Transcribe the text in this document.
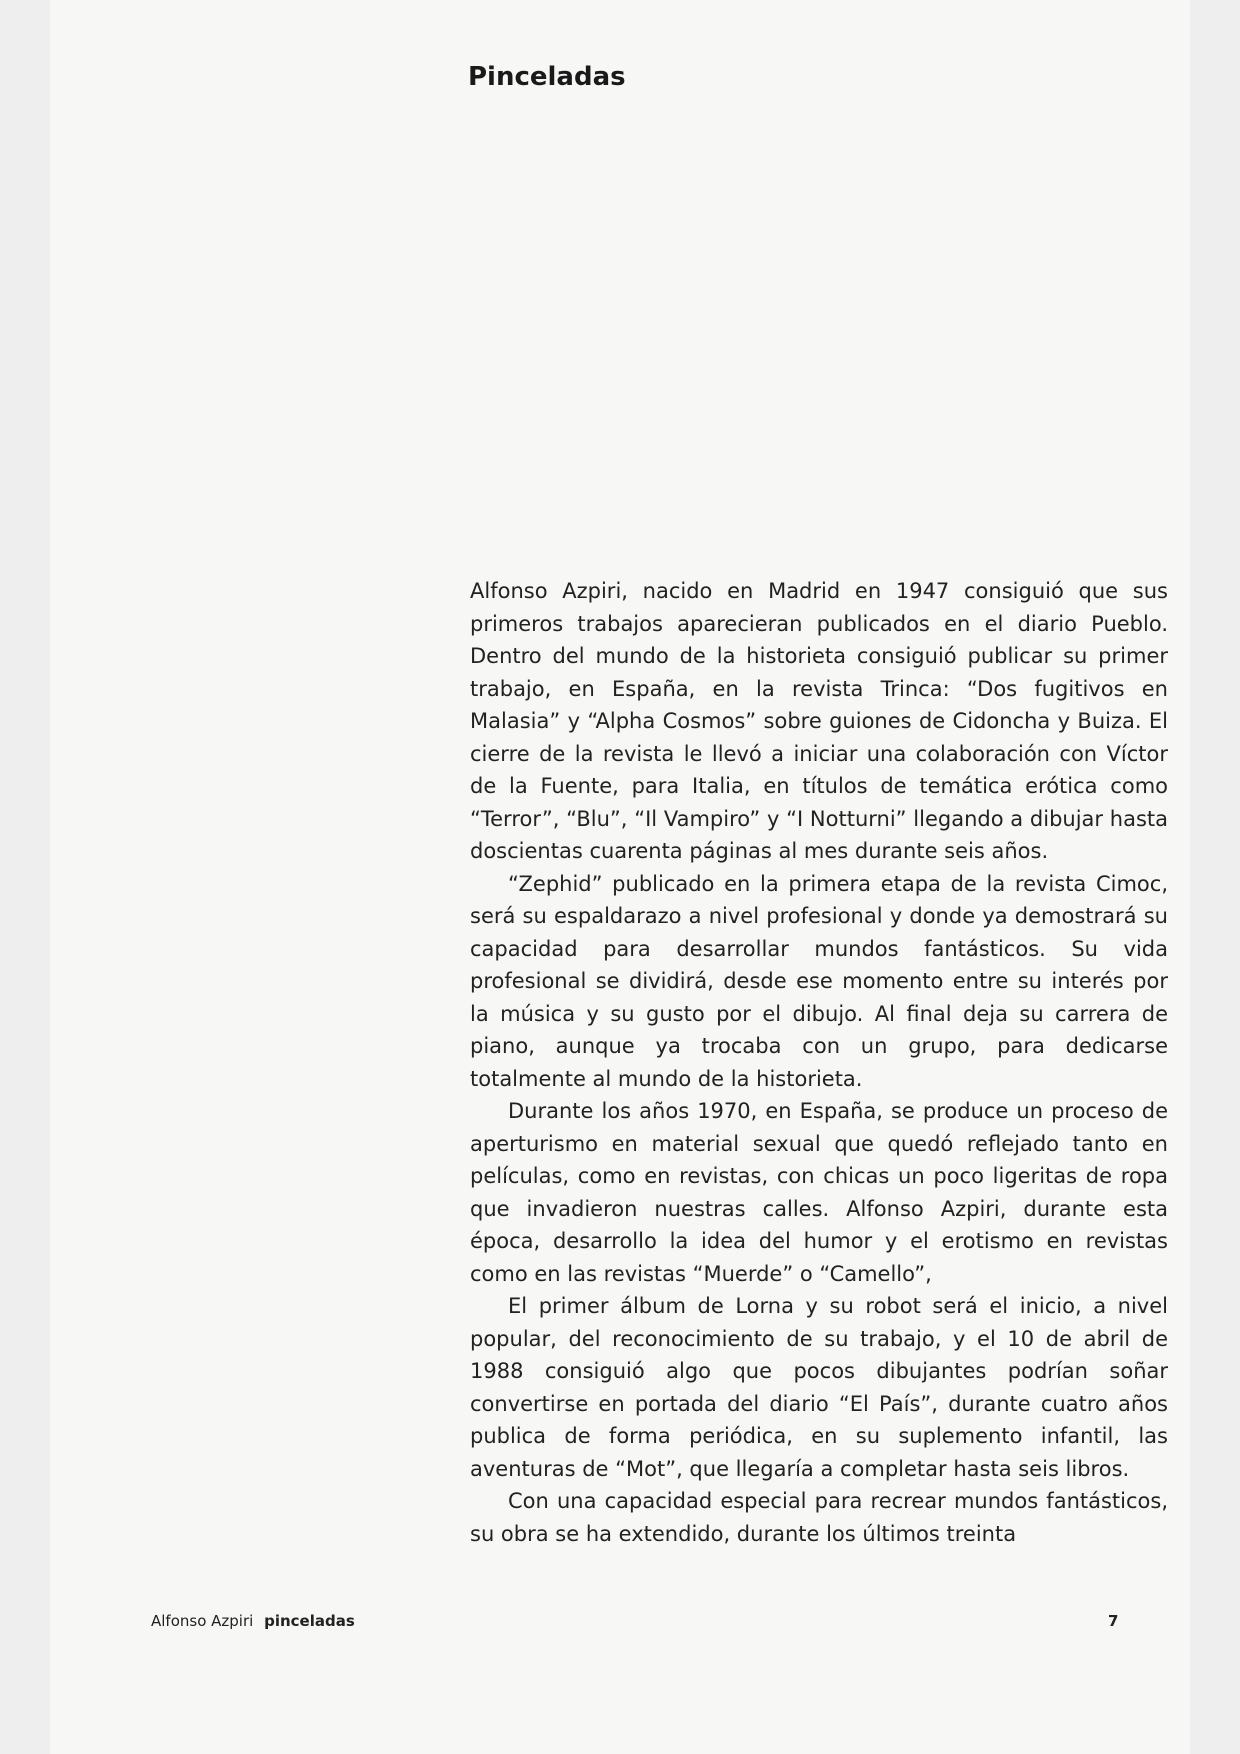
Pinceladas

Alfonso Azpiri, nacido en Madrid en 1947 consiguió que sus primeros trabajos aparecieran publicados en el diario Pueblo. Dentro del mundo de la historieta consiguió publicar su primer trabajo, en España, en la revista Trinca: “Dos fugitivos en Malasia” y “Alpha Cosmos” sobre guiones de Cidoncha y Buiza. El cierre de la revista le llevó a iniciar una colaboración con Víctor de la Fuente, para Italia, en títulos de temática erótica como “Terror”, “Blu”, “Il Vampiro” y “I Notturni” llegando a dibujar hasta doscientas cuarenta páginas al mes durante seis años.

“Zephid” publicado en la primera etapa de la revista Cimoc, será su espaldarazo a nivel profesional y donde ya demostrará su capacidad para desarrollar mundos fantásticos. Su vida profesional se dividirá, desde ese momento entre su interés por la música y su gusto por el dibujo. Al final deja su carrera de piano, aunque ya trocaba con un grupo, para dedicarse totalmente al mundo de la historieta.

Durante los años 1970, en España, se produce un proceso de aperturismo en material sexual que quedó reflejado tanto en películas, como en revistas, con chicas un poco ligeritas de ropa que invadieron nuestras calles. Alfonso Azpiri, durante esta época, desarrollo la idea del humor y el erotismo en revistas como en las revistas “Muerde” o “Camello”,

El primer álbum de Lorna y su robot será el inicio, a nivel popular, del reconocimiento de su trabajo, y el 10 de abril de 1988 consiguió algo que pocos dibujantes podrían soñar convertirse en portada del diario “El País”, durante cuatro años publica de forma periódica, en su suplemento infantil, las aventuras de “Mot”, que llegaría a completar hasta seis libros.

Con una capacidad especial para recrear mundos fantásticos, su obra se ha extendido, durante los últimos treinta

Alfonso Azpiri pinceladas	7
